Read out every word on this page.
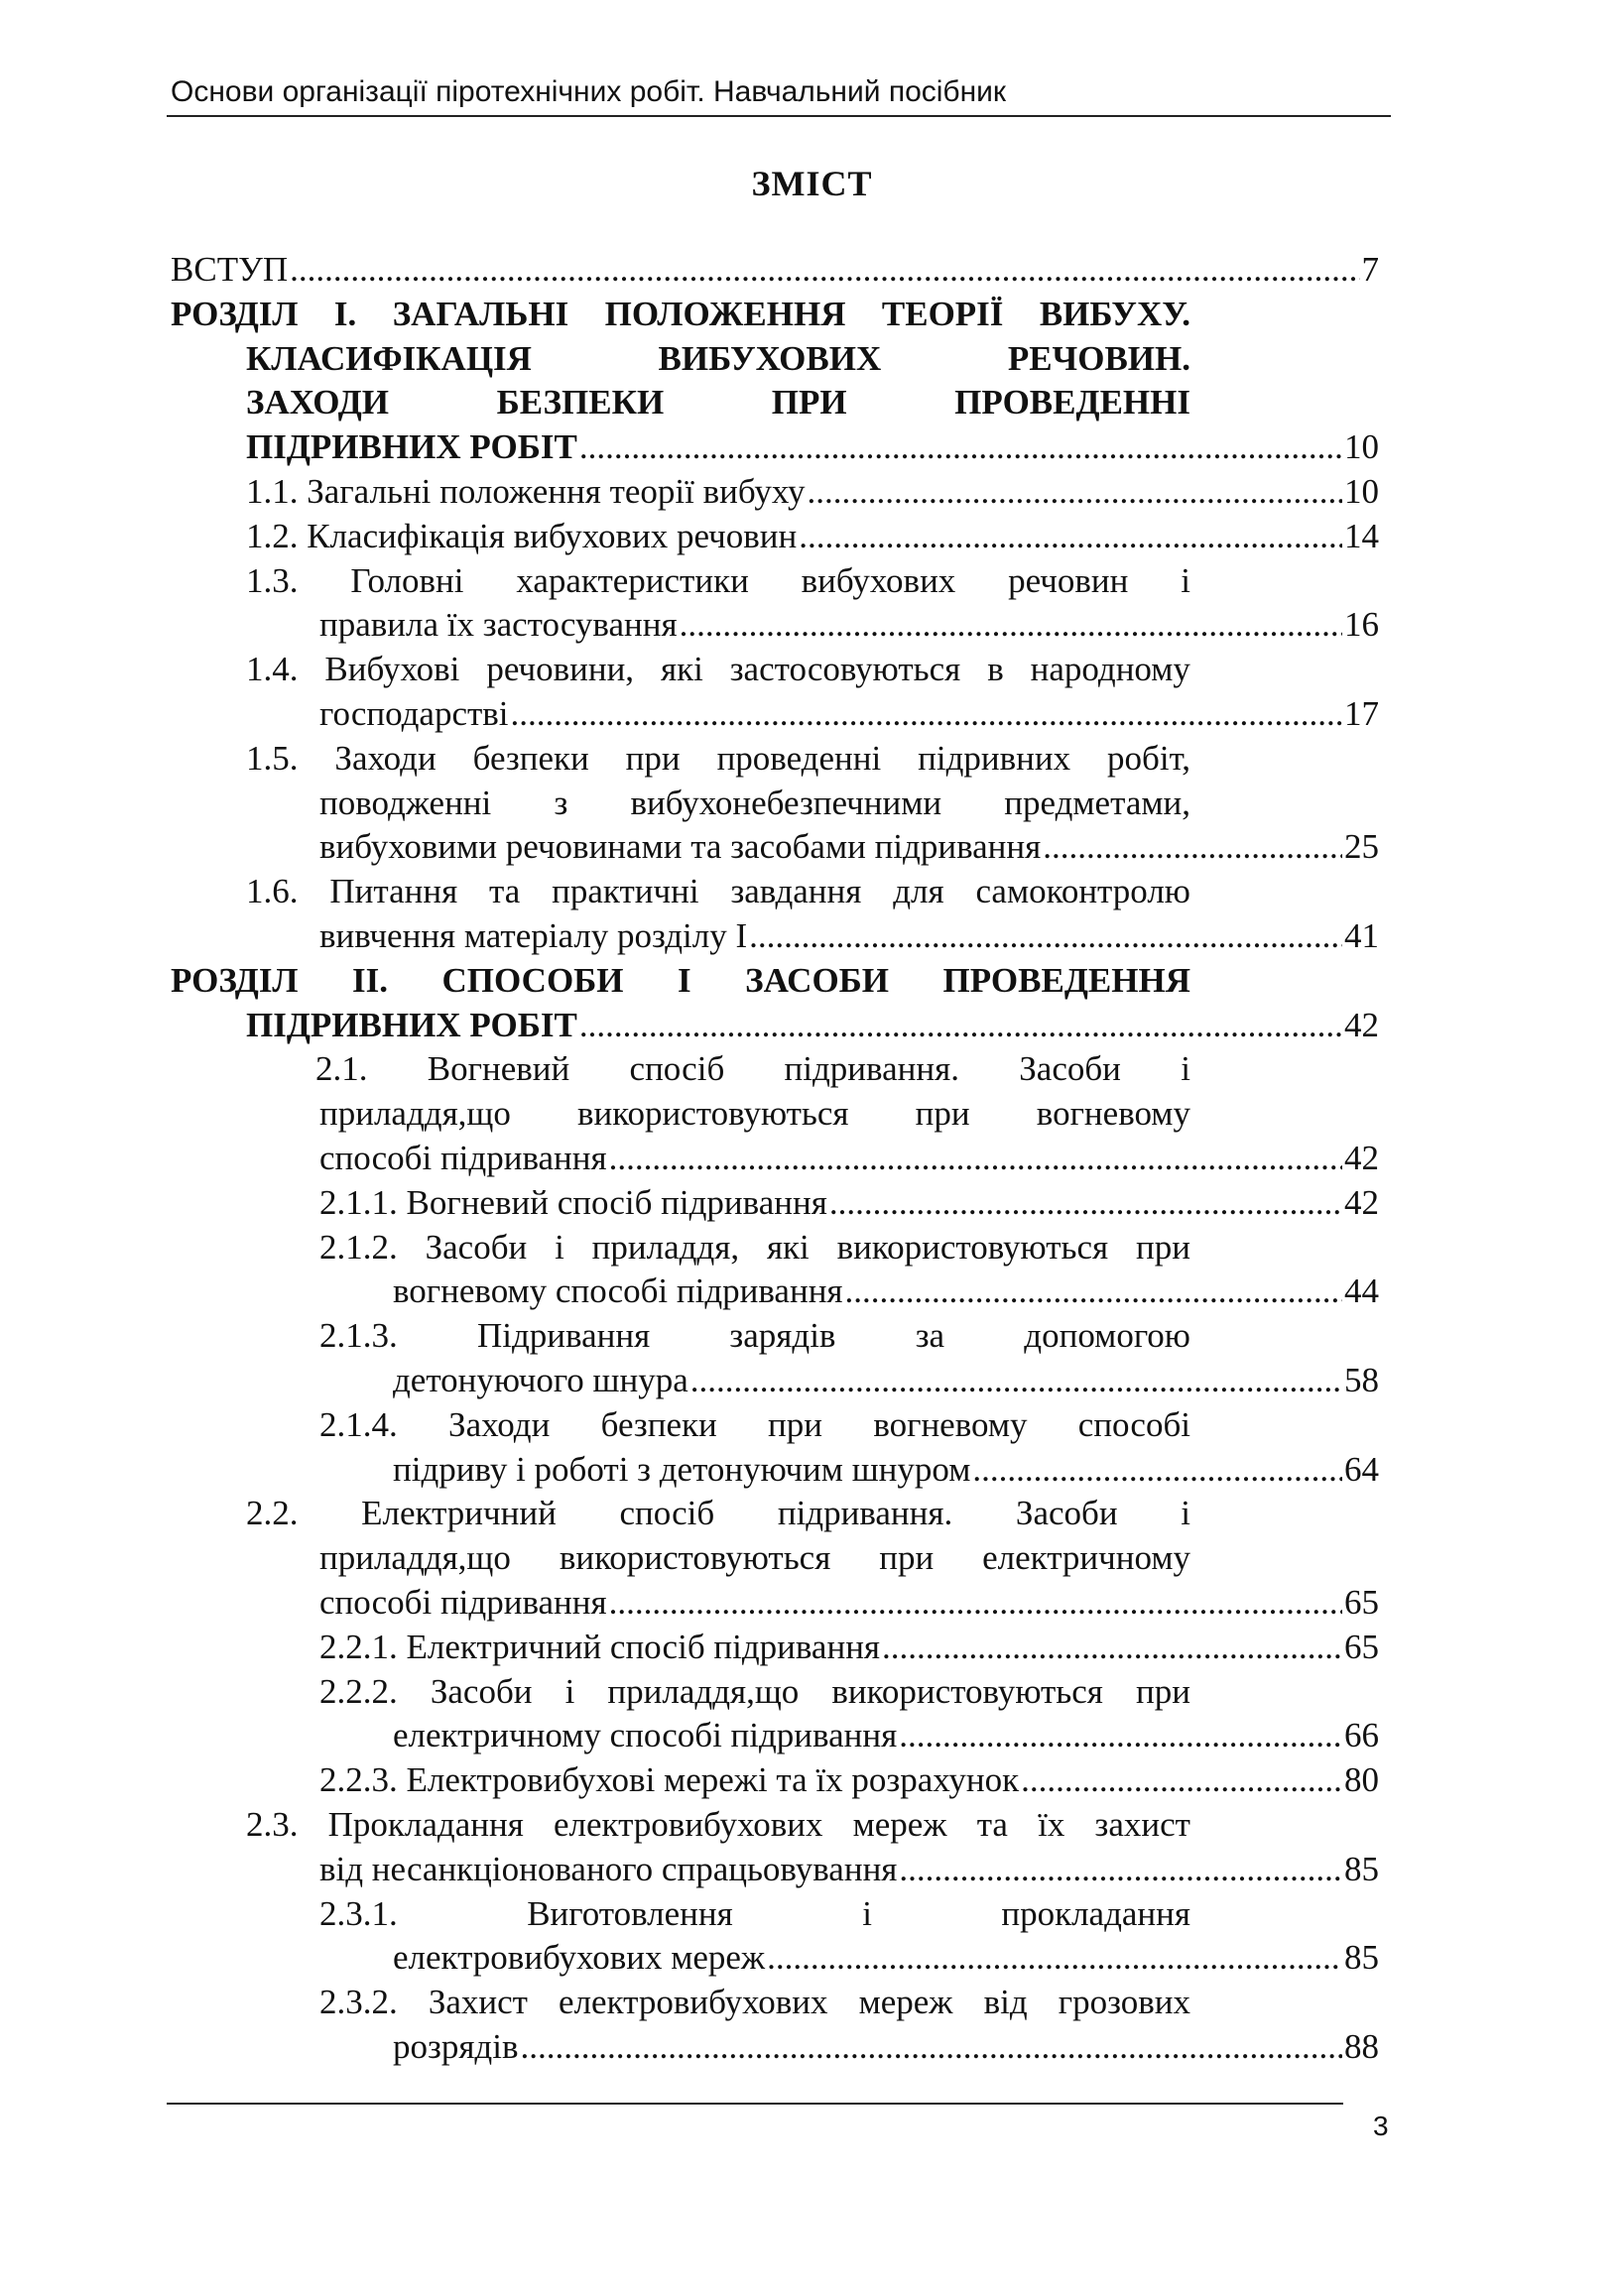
Основи організації піротехнічних робіт. Навчальний посібник
ЗМІСТ
ВСТУП .....	7
РОЗДІЛ І. ЗАГАЛЬНІ ПОЛОЖЕННЯ ТЕОРІЇ ВИБУХУ.
КЛАСИФІКАЦІЯ	ВИБУХОВИХ	РЕЧОВИН.
ЗАХОДИ	БЕЗПЕКИ	ПРИ	ПРОВЕДЕННІ
ПІДРИВНИХ РОБІТ .....	10
1.1. Загальні положення теорії вибуху .....	10
1.2. Класифікація вибухових речовин .....	14
1.3. Головні характеристики вибухових речовин і
правила їх застосування .....	16
1.4. Вибухові речовини, які застосовуються в народному
господарстві .....	17
1.5. Заходи безпеки при проведенні підривних робіт,
поводженні з вибухонебезпечними предметами,
вибуховими речовинами та засобами підривання .....	25
1.6. Питання та практичні завдання для самоконтролю
вивчення матеріалу розділу І .....	41
РОЗДІЛ ІІ. СПОСОБИ І ЗАСОБИ ПРОВЕДЕННЯ
ПІДРИВНИХ РОБІТ .....	42
2.1. Вогневий спосіб підривання. Засоби і
приладдя,що використовуються при вогневому
способі підривання .....	42
2.1.1. Вогневий спосіб підривання .....	42
2.1.2. Засоби і приладдя, які використовуються при
вогневому способі підривання .....	44
2.1.3. Підривання зарядів за допомогою
детонуючого шнура .....	58
2.1.4. Заходи безпеки при вогневому способі
підриву і роботі з детонуючим шнуром .....	64
2.2. Електричний спосіб підривання. Засоби і
приладдя,що використовуються при електричному
способі підривання .....	65
2.2.1. Електричний спосіб підривання .....	65
2.2.2. Засоби і приладдя,що використовуються при
електричному способі підривання .....	66
2.2.3. Електровибухові мережі та їх розрахунок .....	80
2.3. Прокладання електровибухових мереж та їх захист
від несанкціонованого спрацьовування .....	85
2.3.1.	Виготовлення	і	прокладання
електровибухових мереж .....	85
2.3.2. Захист електровибухових мереж від грозових
розрядів .....	88
3
